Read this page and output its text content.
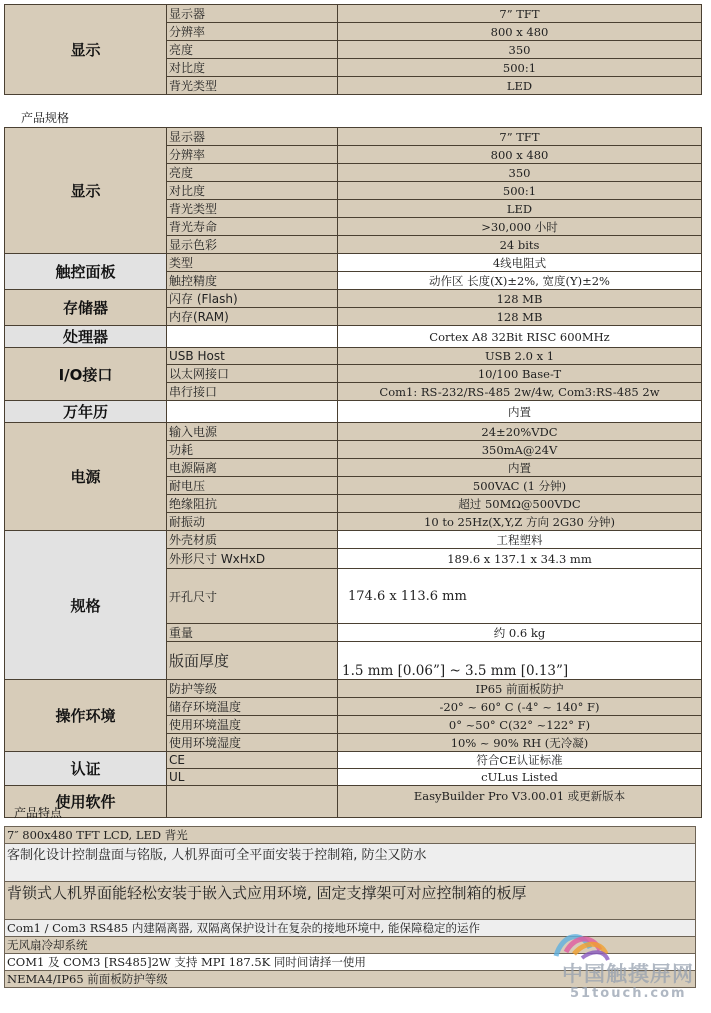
显示	显示器	7” TFT
	分辨率	800 x 480
	亮度	350
	对比度	500:1
	背光类型	LED
产品规格
显示	显示器	7” TFT
	分辨率	800 x 480
	亮度	350
	对比度	500:1
	背光类型	LED
	背光寿命	>30,000 小时
	显示色彩	24 bits
触控面板	类型	4线电阻式
	触控精度	动作区 长度(X)±2%, 宽度(Y)±2%
存储器	闪存 (Flash)	128 MB
	内存(RAM)	128 MB
处理器		Cortex A8 32Bit RISC 600MHz
I/O接口	USB Host	USB 2.0 x 1
	以太网接口	10/100 Base-T
	串行接口	Com1: RS-232/RS-485 2w/4w, Com3:RS-485 2w
万年历		内置
电源	输入电源	24±20%VDC
	功耗	350mA@24V
	电源隔离	内置
	耐电压	500VAC (1 分钟)
	绝缘阻抗	超过 50MΩ@500VDC
	耐振动	10 to 25Hz(X,Y,Z 方向 2G30 分钟)
规格	外壳材质	工程塑料
	外形尺寸 WxHxD	189.6 x 137.1 x 34.3 mm
	开孔尺寸	174.6 x 113.6 mm
	重量	约 0.6 kg
	版面厚度	1.5 mm [0.06”] ~ 3.5 mm [0.13”]
操作环境	防护等级	IP65 前面板防护
	储存环境温度	-20° ~ 60° C (-4° ~ 140° F)
	使用环境温度	0° ~50° C(32° ~122° F)
	使用环境湿度	10% ~ 90% RH (无冷凝)
认证	CE	符合CE认证标准
	UL	cULus Listed
使用软件		EasyBuilder Pro V3.00.01 或更新版本
产品特点
7″ 800x480 TFT LCD, LED 背光
客制化设计控制盘面与铭版, 人机界面可全平面安装于控制箱, 防尘又防水
背锁式人机界面能轻松安装于嵌入式应用环境, 固定支撑架可对应控制箱的板厚
Com1 / Com3 RS485 内建隔离器, 双隔离保护设计在复杂的接地环境中, 能保障稳定的运作
无风扇冷却系统
COM1 及 COM3 [RS485]2W 支持 MPI 187.5K 同时间请择一使用
NEMA4/IP65 前面板防护等级	中国触摸屏网
51touch.com
